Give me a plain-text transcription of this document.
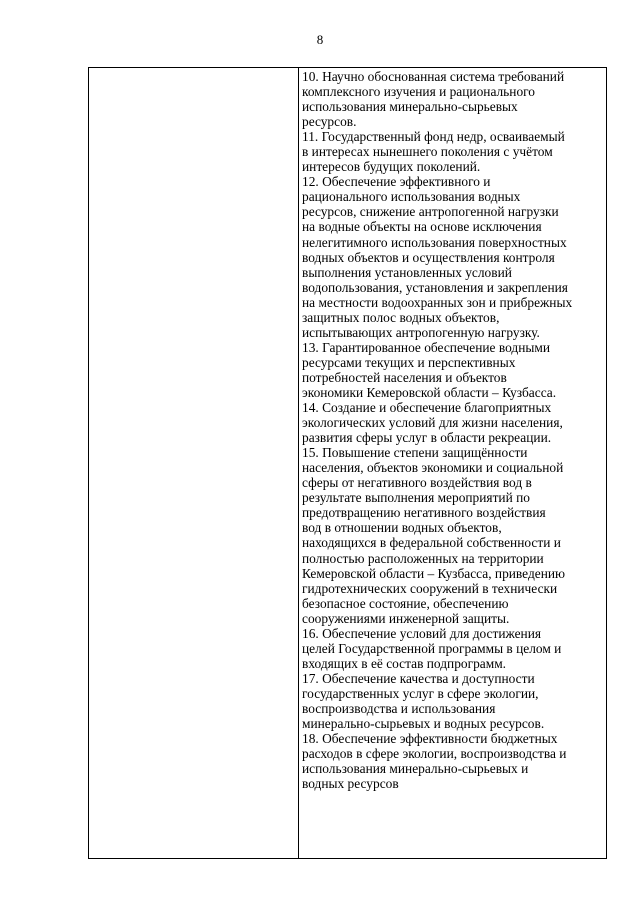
8

10. Научно обоснованная система требований
комплексного изучения и рационального
использования минерально-сырьевых
ресурсов.
11. Государственный фонд недр, осваиваемый
в интересах нынешнего поколения с учётом
интересов будущих поколений.
12. Обеспечение эффективного и
рационального использования водных
ресурсов, снижение антропогенной нагрузки
на водные объекты на основе исключения
нелегитимного использования поверхностных
водных объектов и осуществления контроля
выполнения установленных условий
водопользования, установления и закрепления
на местности водоохранных зон и прибрежных
защитных полос водных объектов,
испытывающих антропогенную нагрузку.
13. Гарантированное обеспечение водными
ресурсами текущих и перспективных
потребностей населения и объектов
экономики Кемеровской области – Кузбасса.
14. Создание и обеспечение благоприятных
экологических условий для жизни населения,
развития сферы услуг в области рекреации.
15. Повышение степени защищённости
населения, объектов экономики и социальной
сферы от негативного воздействия вод в
результате выполнения мероприятий по
предотвращению негативного воздействия
вод в отношении водных объектов,
находящихся в федеральной собственности и
полностью расположенных на территории
Кемеровской области – Кузбасса, приведению
гидротехнических сооружений в технически
безопасное состояние, обеспечению
сооружениями инженерной защиты.
16. Обеспечение условий для достижения
целей Государственной программы в целом и
входящих в её состав подпрограмм.
17. Обеспечение качества и доступности
государственных услуг в сфере экологии,
воспроизводства и использования
минерально-сырьевых и водных ресурсов.
18. Обеспечение эффективности бюджетных
расходов в сфере экологии, воспроизводства и
использования минерально-сырьевых и
водных ресурсов
